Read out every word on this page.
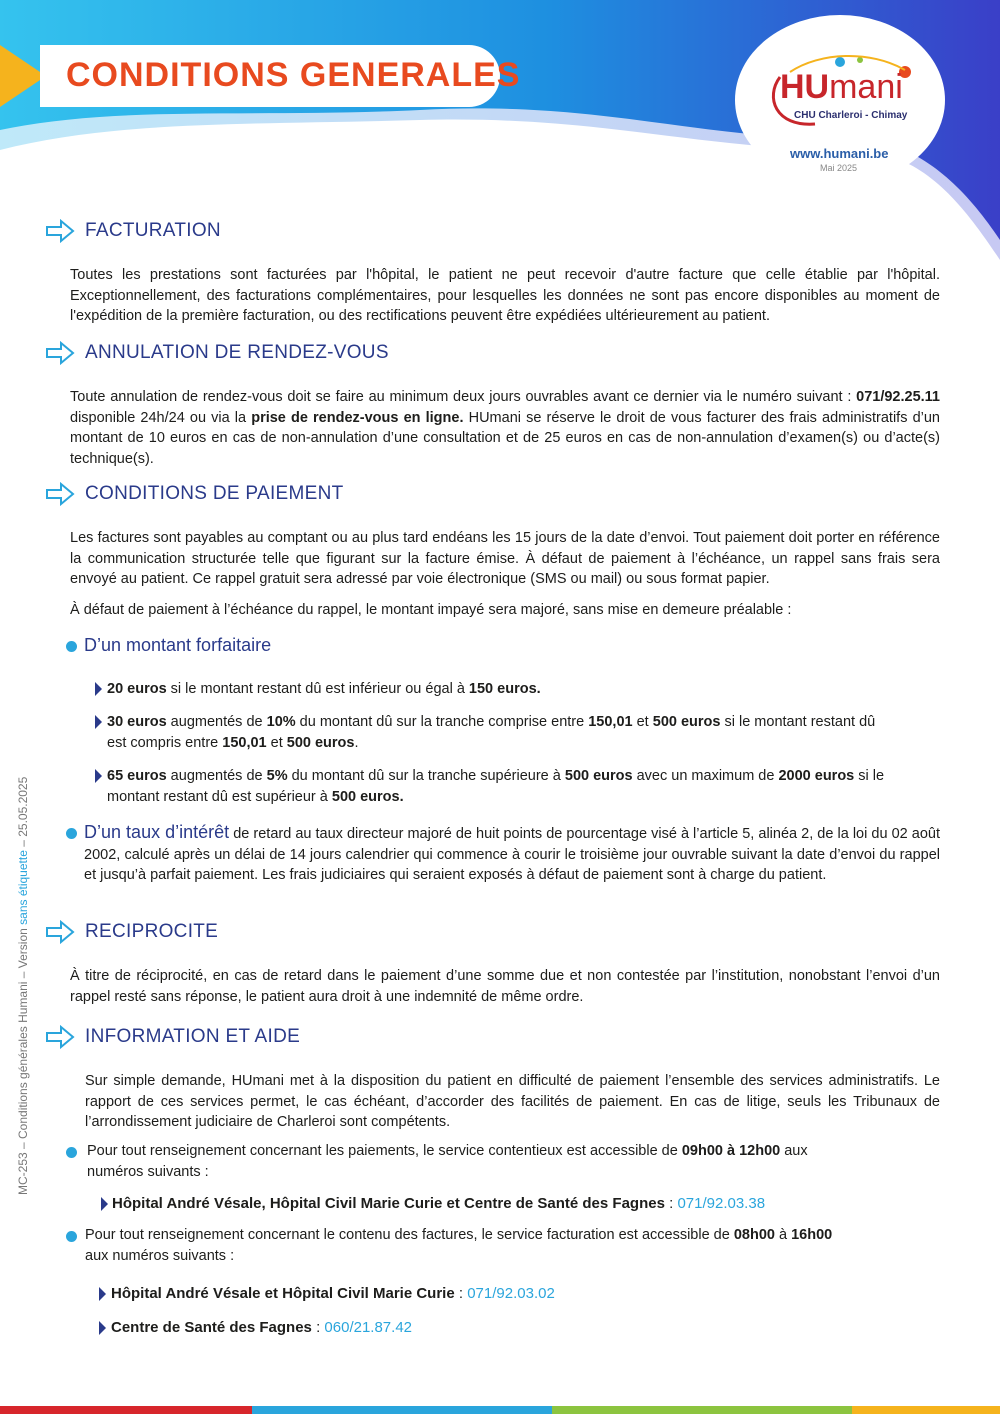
CONDITIONS GENERALES	HUmani
CHU Charleroi - Chimay
www.humani.be
Mai 2025
MC-253 – Conditions générales Humani – Version sans étiquette – 25.05.2025
FACTURATION

Toutes les prestations sont facturées par l'hôpital, le patient ne peut recevoir d'autre facture que celle établie par l'hôpital. Exceptionnellement, des facturations complémentaires, pour lesquelles les données ne sont pas encore disponibles au moment de l'expédition de la première facturation, ou des rectifications peuvent être expédiées ultérieurement au patient.

ANNULATION DE RENDEZ-VOUS

Toute annulation de rendez-vous doit se faire au minimum deux jours ouvrables avant ce dernier via le numéro suivant : 071/92.25.11 disponible 24h/24 ou via la prise de rendez-vous en ligne. HUmani se réserve le droit de vous facturer des frais administratifs d’un montant de 10 euros en cas de non-annulation d’une consultation et de 25 euros en cas de non-annulation d’examen(s) ou d’acte(s) technique(s).

CONDITIONS DE PAIEMENT

Les factures sont payables au comptant ou au plus tard endéans les 15 jours de la date d’envoi. Tout paiement doit porter en référence la communication structurée telle que figurant sur la facture émise. À défaut de paiement à l’échéance, un rappel sans frais sera envoyé au patient. Ce rappel gratuit sera adressé par voie électronique (SMS ou mail) ou sous format papier.

À défaut de paiement à l’échéance du rappel, le montant impayé sera majoré, sans mise en demeure préalable :

D’un montant forfaitaire
20 euros si le montant restant dû est inférieur ou égal à 150 euros.
30 euros augmentés de 10% du montant dû sur la tranche comprise entre 150,01 et 500 euros si le montant restant dû
est compris entre 150,01 et 500 euros.
65 euros augmentés de 5% du montant dû sur la tranche supérieure à 500 euros avec un maximum de 2000 euros si le
montant restant dû est supérieur à 500 euros.

D’un taux d’intérêt de retard au taux directeur majoré de huit points de pourcentage visé à l’article 5, alinéa 2, de la loi du 02 août 2002, calculé après un délai de 14 jours calendrier qui commence à courir le troisième jour ouvrable suivant la date d’envoi du rappel et jusqu’à parfait paiement. Les frais judiciaires qui seraient exposés à défaut de paiement sont à charge du patient.

RECIPROCITE

À titre de réciprocité, en cas de retard dans le paiement d’une somme due et non contestée par l’institution, nonobstant l’envoi d’un rappel resté sans réponse, le patient aura droit à une indemnité de même ordre.

INFORMATION ET AIDE

Sur simple demande, HUmani met à la disposition du patient en difficulté de paiement l’ensemble des services administratifs. Le rapport de ces services permet, le cas échéant, d’accorder des facilités de paiement. En cas de litige, seuls les Tribunaux de l’arrondissement judiciaire de Charleroi sont compétents.

Pour tout renseignement concernant les paiements, le service contentieux est accessible de 09h00 à 12h00 aux
numéros suivants :

Hôpital André Vésale, Hôpital Civil Marie Curie et Centre de Santé des Fagnes : 071/92.03.38

Pour tout renseignement concernant le contenu des factures, le service facturation est accessible de 08h00 à 16h00
aux numéros suivants :

Hôpital André Vésale et Hôpital Civil Marie Curie : 071/92.03.02
Centre de Santé des Fagnes : 060/21.87.42
